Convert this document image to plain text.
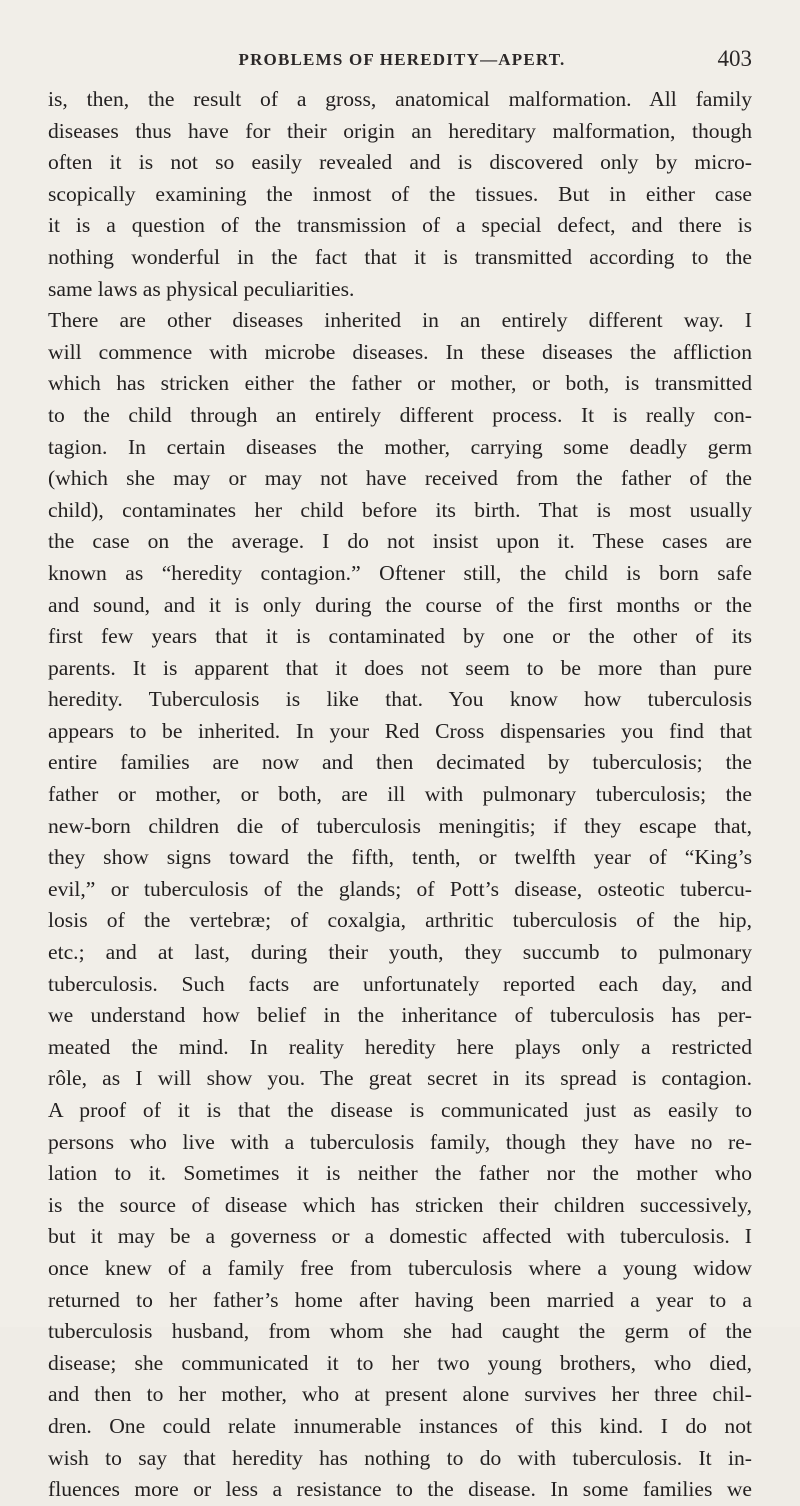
PROBLEMS OF HEREDITY—APERT.	403
is, then, the result of a gross, anatomical malformation. All family
diseases thus have for their origin an hereditary malformation, though
often it is not so easily revealed and is discovered only by micro-
scopically examining the inmost of the tissues. But in either case
it is a question of the transmission of a special defect, and there is
nothing wonderful in the fact that it is transmitted according to the
same laws as physical peculiarities.
There are other diseases inherited in an entirely different way. I
will commence with microbe diseases. In these diseases the affliction
which has stricken either the father or mother, or both, is transmitted
to the child through an entirely different process. It is really con-
tagion. In certain diseases the mother, carrying some deadly germ
(which she may or may not have received from the father of the
child), contaminates her child before its birth. That is most usually
the case on the average. I do not insist upon it. These cases are
known as “heredity contagion.” Oftener still, the child is born safe
and sound, and it is only during the course of the first months or the
first few years that it is contaminated by one or the other of its
parents. It is apparent that it does not seem to be more than pure
heredity. Tuberculosis is like that. You know how tuberculosis
appears to be inherited. In your Red Cross dispensaries you find that
entire families are now and then decimated by tuberculosis; the
father or mother, or both, are ill with pulmonary tuberculosis; the
new-born children die of tuberculosis meningitis; if they escape that,
they show signs toward the fifth, tenth, or twelfth year of “King’s
evil,” or tuberculosis of the glands; of Pott’s disease, osteotic tubercu-
losis of the vertebræ; of coxalgia, arthritic tuberculosis of the hip,
etc.; and at last, during their youth, they succumb to pulmonary
tuberculosis. Such facts are unfortunately reported each day, and
we understand how belief in the inheritance of tuberculosis has per-
meated the mind. In reality heredity here plays only a restricted
rôle, as I will show you. The great secret in its spread is contagion.
A proof of it is that the disease is communicated just as easily to
persons who live with a tuberculosis family, though they have no re-
lation to it. Sometimes it is neither the father nor the mother who
is the source of disease which has stricken their children successively,
but it may be a governess or a domestic affected with tuberculosis. I
once knew of a family free from tuberculosis where a young widow
returned to her father’s home after having been married a year to a
tuberculosis husband, from whom she had caught the germ of the
disease; she communicated it to her two young brothers, who died,
and then to her mother, who at present alone survives her three chil-
dren. One could relate innumerable instances of this kind. I do not
wish to say that heredity has nothing to do with tuberculosis. It in-
fluences more or less a resistance to the disease. In some families we
